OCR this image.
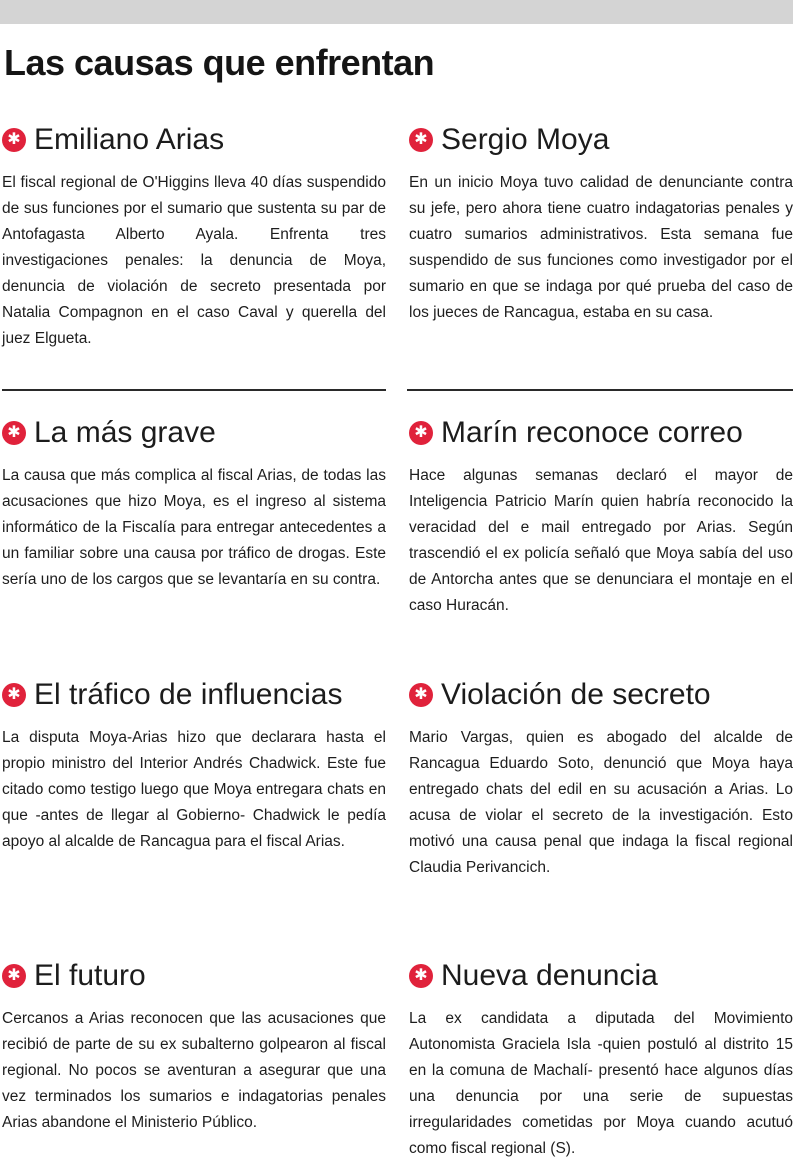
Las causas que enfrentan
✱ Emiliano Arias

El fiscal regional de O'Higgins lleva 40 días suspendido de sus funciones por el sumario que sustenta su par de Antofagasta Alberto Ayala. Enfrenta tres investigaciones penales: la denuncia de Moya, denuncia de violación de secreto presentada por Natalia Compagnon en el caso Caval y querella del juez Elgueta.

✱ Sergio Moya

En un inicio Moya tuvo calidad de denunciante contra su jefe, pero ahora tiene cuatro indagatorias penales y cuatro sumarios administrativos. Esta semana fue suspendido de sus funciones como investigador por el sumario en que se indaga por qué prueba del caso de los jueces de Rancagua, estaba en su casa.

✱ La más grave

La causa que más complica al fiscal Arias, de todas las acusaciones que hizo Moya, es el ingreso al sistema informático de la Fiscalía para entregar antecedentes a un familiar sobre una causa por tráfico de drogas. Este sería uno de los cargos que se levantaría en su contra.

✱ Marín reconoce correo

Hace algunas semanas declaró el mayor de Inteligencia Patricio Marín quien habría reconocido la veracidad del e mail entregado por Arias. Según trascendió el ex policía señaló que Moya sabía del uso de Antorcha antes que se denunciara el montaje en el caso Huracán.

✱ El tráfico de influencias

La disputa Moya-Arias hizo que declarara hasta el propio ministro del Interior Andrés Chadwick. Este fue citado como testigo luego que Moya entregara chats en que -antes de llegar al Gobierno- Chadwick le pedía apoyo al alcalde de Rancagua para el fiscal Arias.

✱ Violación de secreto

Mario Vargas, quien es abogado del alcalde de Rancagua Eduardo Soto, denunció que Moya haya entregado chats del edil en su acusación a Arias. Lo acusa de violar el secreto de la investigación. Esto motivó una causa penal que indaga la fiscal regional Claudia Perivancich.

✱ El futuro

Cercanos a Arias reconocen que las acusaciones que recibió de parte de su ex subalterno golpearon al fiscal regional. No pocos se aventuran a asegurar que una vez terminados los sumarios e indagatorias penales Arias abandone el Ministerio Público.

✱ Nueva denuncia

La ex candidata a diputada del Movimiento Autonomista Graciela Isla -quien postuló al distrito 15 en la comuna de Machalí- presentó hace algunos días una denuncia por una serie de supuestas irregularidades cometidas por Moya cuando acutuó como fiscal regional (S).
